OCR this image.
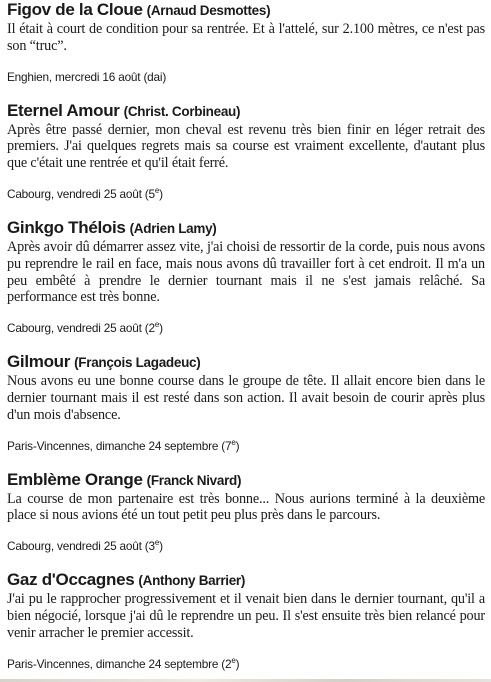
Figov de la Cloue (Arnaud Desmottes)

Il était à court de condition pour sa rentrée. Et à l'attelé, sur 2.100 mètres, ce n'est pas son “truc”.

Enghien, mercredi 16 août (dai)

Eternel Amour (Christ. Corbineau)

Après être passé dernier, mon cheval est revenu très bien finir en léger retrait des premiers. J'ai quelques regrets mais sa course est vraiment excellente, d'autant plus que c'était une rentrée et qu'il était ferré.

Cabourg, vendredi 25 août (5e)

Ginkgo Thélois (Adrien Lamy)

Après avoir dû démarrer assez vite, j'ai choisi de ressortir de la corde, puis nous avons pu reprendre le rail en face, mais nous avons dû travailler fort à cet endroit. Il m'a un peu embêté à prendre le dernier tournant mais il ne s'est jamais relâché. Sa performance est très bonne.

Cabourg, vendredi 25 août (2e)

Gilmour (François Lagadeuc)

Nous avons eu une bonne course dans le groupe de tête. Il allait encore bien dans le dernier tournant mais il est resté dans son action. Il avait besoin de courir après plus d'un mois d'absence.

Paris-Vincennes, dimanche 24 septembre (7e)

Emblème Orange (Franck Nivard)

La course de mon partenaire est très bonne... Nous aurions terminé à la deuxième place si nous avions été un tout petit peu plus près dans le parcours.

Cabourg, vendredi 25 août (3e)

Gaz d'Occagnes (Anthony Barrier)

J'ai pu le rapprocher progressivement et il venait bien dans le dernier tournant, qu'il a bien négocié, lorsque j'ai dû le reprendre un peu. Il s'est ensuite très bien relancé pour venir arracher le premier accessit.

Paris-Vincennes, dimanche 24 septembre (2e)
